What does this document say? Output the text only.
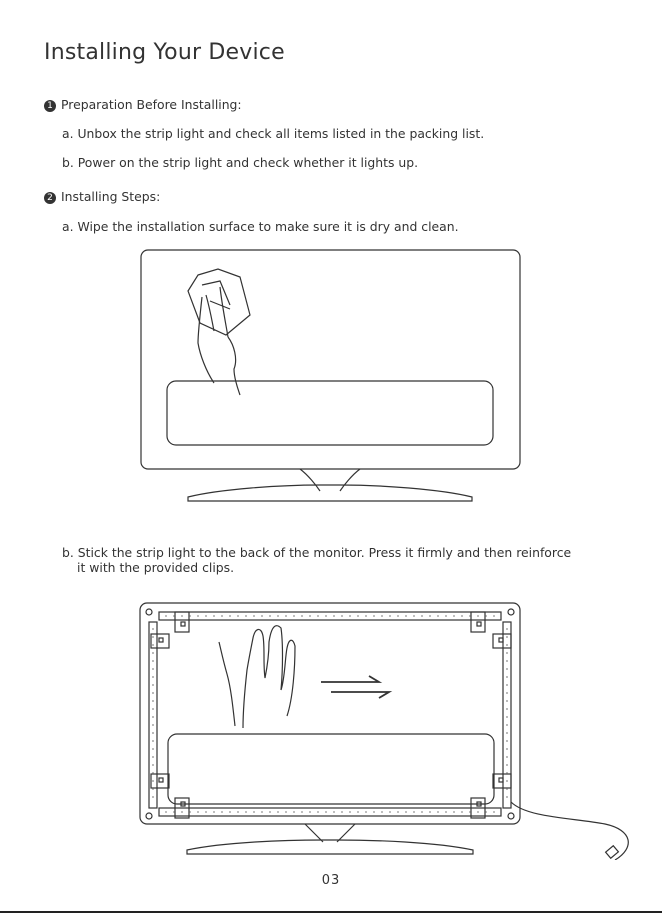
Installing Your Device
1 Preparation Before Installing:
a. Unbox the strip light and check all items listed in the packing list.
b. Power on the strip light and check whether it lights up.
2 Installing Steps:
a. Wipe the installation surface to make sure it is dry and clean.
b. Stick the strip light to the back of the monitor. Press it firmly and then reinforce
it with the provided clips.
03
